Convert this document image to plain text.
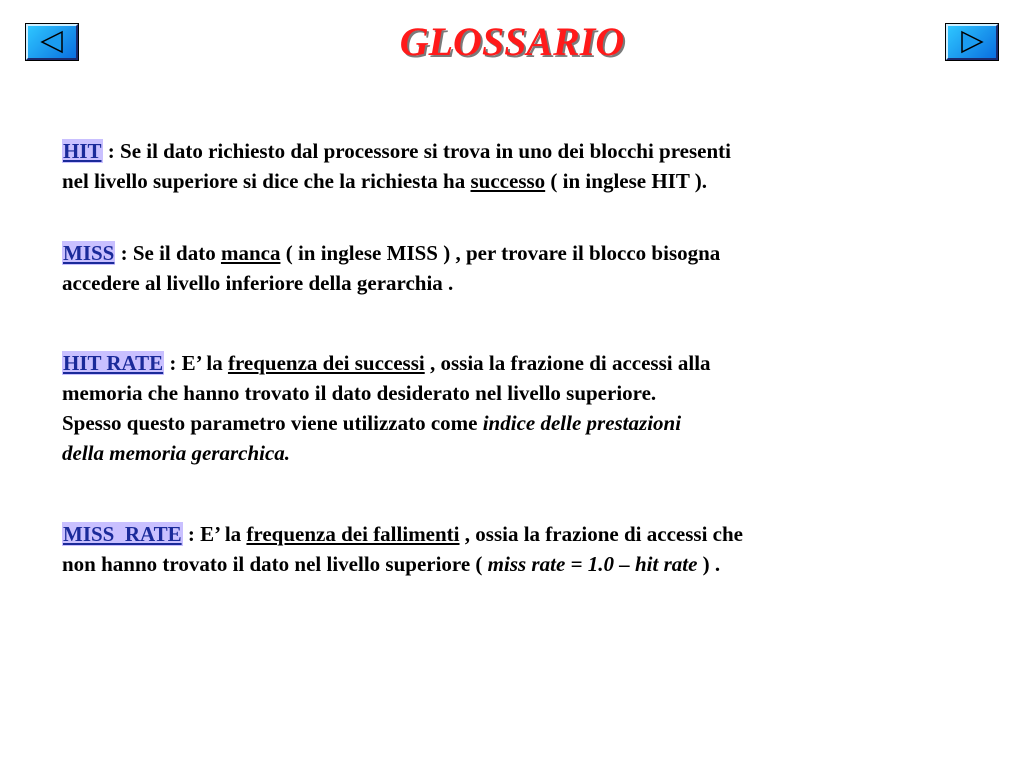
GLOSSARIO
HIT : Se il dato richiesto dal processore si trova in uno dei blocchi presenti
nel livello superiore si dice che la richiesta ha successo ( in inglese HIT ).
MISS : Se il dato manca ( in inglese MISS ) , per trovare il blocco bisogna
accedere al livello inferiore della gerarchia .
HIT RATE : E’ la frequenza dei successi , ossia la frazione di accessi alla
memoria che hanno trovato il dato desiderato nel livello superiore.
Spesso questo parametro viene utilizzato come indice delle prestazioni
della memoria gerarchica.
MISS  RATE : E’ la frequenza dei fallimenti , ossia la frazione di accessi che
non hanno trovato il dato nel livello superiore ( miss rate = 1.0 – hit rate ) .
